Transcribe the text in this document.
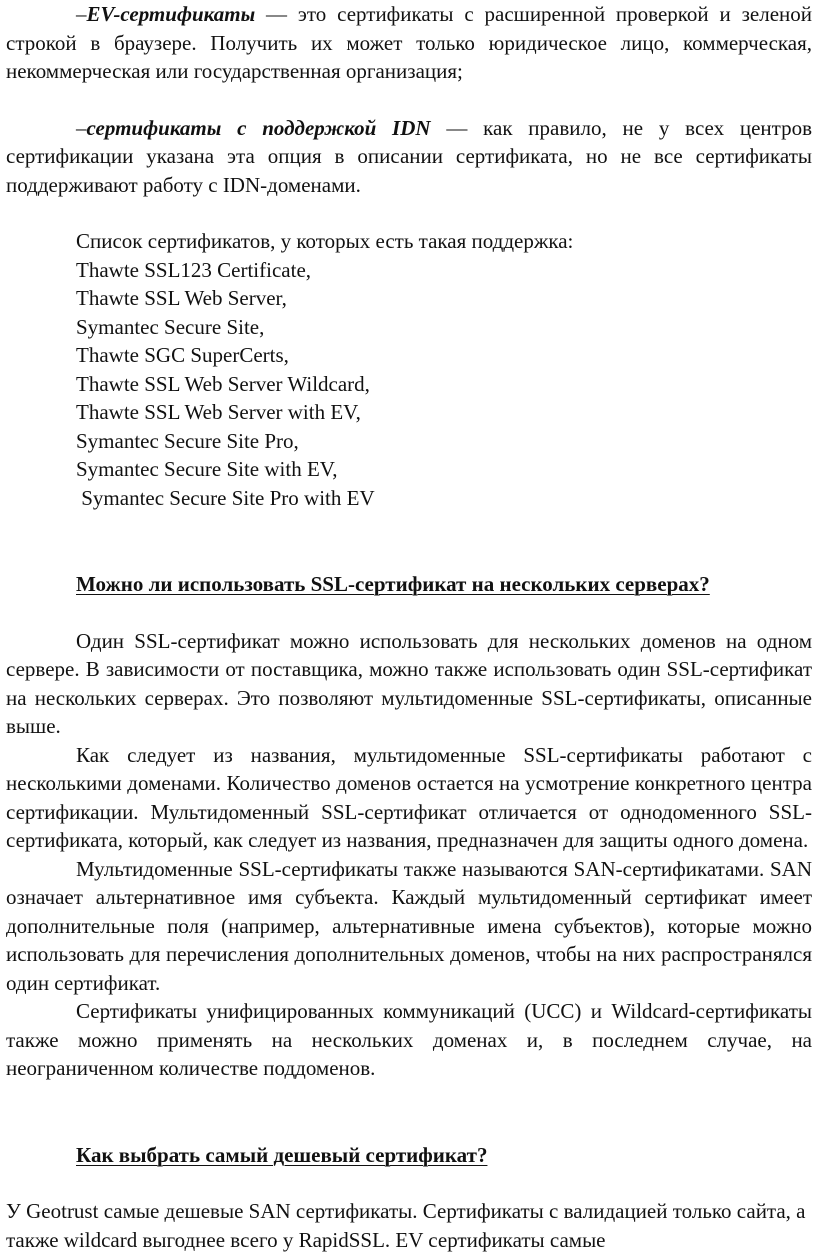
–EV-сертификаты — это сертификаты с расширенной проверкой и зеленой строкой в браузере. Получить их может только юридическое лицо, коммерческая, некоммерческая или государственная организация;

–сертификаты с поддержкой IDN — как правило, не у всех центров сертификации указана эта опция в описании сертификата, но не все сертификаты поддерживают работу с IDN-доменами.

Список сертификатов, у которых есть такая поддержка:
Thawte SSL123 Certificate,
Thawte SSL Web Server,
Symantec Secure Site,
Thawte SGC SuperCerts,
Thawte SSL Web Server Wildcard,
Thawte SSL Web Server with EV,
Symantec Secure Site Pro,
Symantec Secure Site with EV,
Symantec Secure Site Pro with EV
Можно ли использовать SSL-сертификат на нескольких серверах?

Один SSL-сертификат можно использовать для нескольких доменов на одном сервере. В зависимости от поставщика, можно также использовать один SSL-сертификат на нескольких серверах. Это позволяют мультидоменные SSL-сертификаты, описанные выше.

Как следует из названия, мультидоменные SSL-сертификаты работают с несколькими доменами. Количество доменов остается на усмотрение конкретного центра сертификации. Мультидоменный SSL-сертификат отличается от однодоменного SSL-сертификата, который, как следует из названия, предназначен для защиты одного домена.

Мультидоменные SSL-сертификаты также называются SAN-сертификатами. SAN означает альтернативное имя субъекта. Каждый мультидоменный сертификат имеет дополнительные поля (например, альтернативные имена субъектов), которые можно использовать для перечисления дополнительных доменов, чтобы на них распространялся один сертификат.

Сертификаты унифицированных коммуникаций (UCC) и Wildcard-сертификаты также можно применять на нескольких доменах и, в последнем случае, на неограниченном количестве поддоменов.

Как выбрать самый дешевый сертификат?

У Geotrust самые дешевые SAN сертификаты. Сертификаты с валидацией только сайта, а также wildcard выгоднее всего у RapidSSL. EV сертификаты самые
